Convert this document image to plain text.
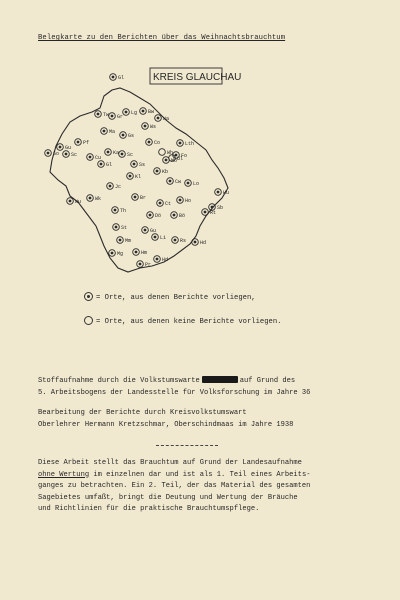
Belegkarte zu den Berichten über das Weihnachtsbrauchtum
KREIS GLAUCHAU
Gl
Tw Gr
Lg Bw
Wa
Gu
Pf
Ma
So Sc	Cu
Gs
Gl
Sc
Co
Ka
Lth
Fo
Mo
Ws
Ss
Kl
Kb
Cw
Jc
Br
Lo
Ct	Ho
Hu
Sb
Rt
Wu	Wk
Th
Dö	Bö
Gu
St
Mm	Li	Rs	Hd
Mg	Hm
Hd
Pr
Wh
Ul
= Orte, aus denen Berichte vorliegen,
= Orte, aus denen keine Berichte vorliegen.
Stoffaufnahme durch die Volkstumswarte	auf Grund des
5. Arbeitsbogens der Landesstelle für Volksforschung im Jahre 36
Bearbeitung der Berichte durch Kreisvolkstumswart
Oberlehrer Hermann Kretzschmar, Oberschindmaas im Jahre 1938
Diese Arbeit stellt das Brauchtum auf Grund der Landesaufnahme
ohne Wertung im einzelnen dar und ist als 1. Teil eines Arbeits-
ganges zu betrachten. Ein 2. Teil, der das Material des gesamten
Sagebietes umfaßt, bringt die Deutung und Wertung der Bräuche
und Richtlinien für die praktische Brauchtumspflege.
